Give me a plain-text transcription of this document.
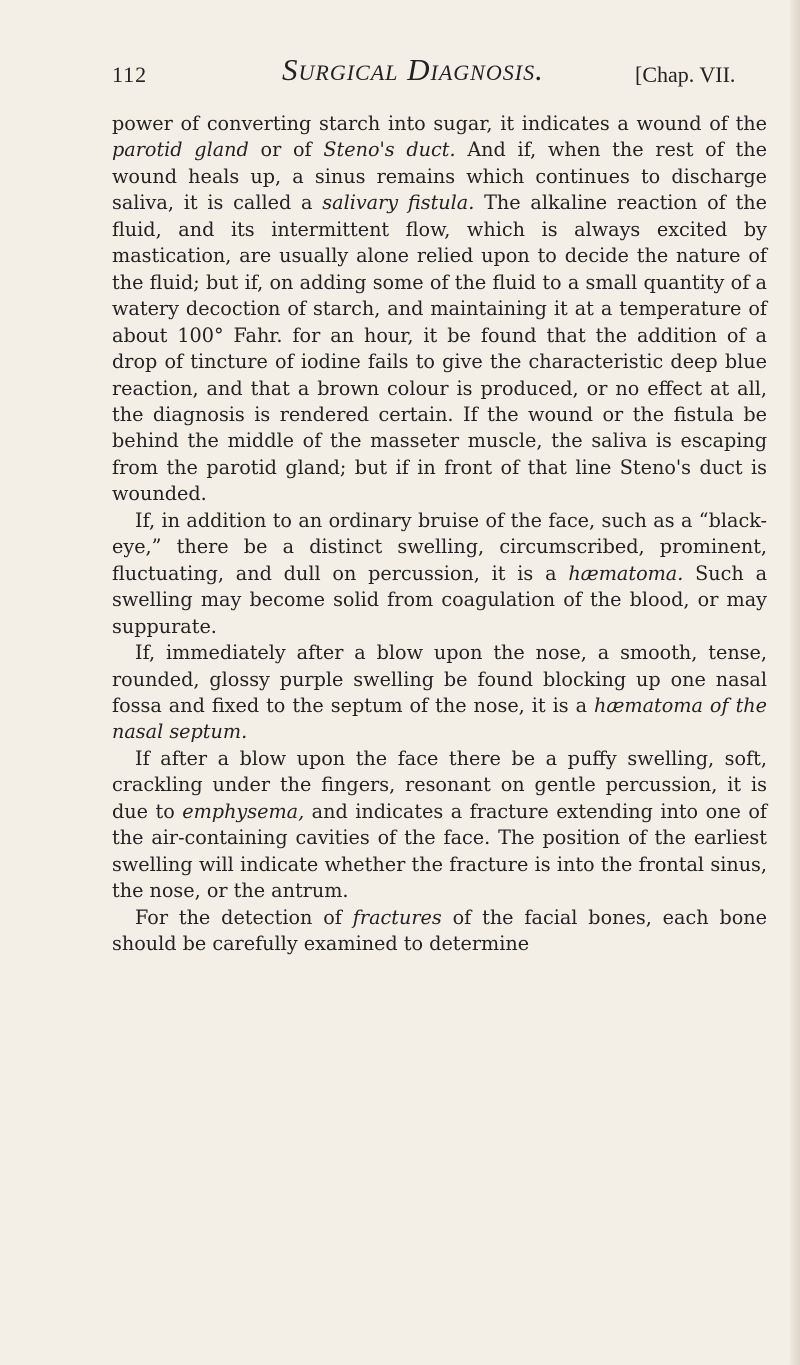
112	Surgical Diagnosis.	[Chap. VII.

power of converting starch into sugar, it indicates a wound of the parotid gland or of Steno's duct. And if, when the rest of the wound heals up, a sinus remains which continues to discharge saliva, it is called a salivary fistula. The alkaline reaction of the fluid, and its intermittent flow, which is always excited by mastication, are usually alone relied upon to decide the nature of the fluid; but if, on adding some of the fluid to a small quantity of a watery decoction of starch, and maintaining it at a temperature of about 100° Fahr. for an hour, it be found that the addition of a drop of tincture of iodine fails to give the characteristic deep blue reaction, and that a brown colour is produced, or no effect at all, the diagnosis is rendered certain. If the wound or the fistula be behind the middle of the masseter muscle, the saliva is escaping from the parotid gland; but if in front of that line Steno's duct is wounded.

If, in addition to an ordinary bruise of the face, such as a “black-eye,” there be a distinct swelling, circumscribed, prominent, fluctuating, and dull on percussion, it is a hæmatoma. Such a swelling may become solid from coagulation of the blood, or may suppurate.

If, immediately after a blow upon the nose, a smooth, tense, rounded, glossy purple swelling be found blocking up one nasal fossa and fixed to the septum of the nose, it is a hæmatoma of the nasal septum.

If after a blow upon the face there be a puffy swelling, soft, crackling under the fingers, resonant on gentle percussion, it is due to emphysema, and indicates a fracture extending into one of the air-containing cavities of the face. The position of the earliest swelling will indicate whether the fracture is into the frontal sinus, the nose, or the antrum.

For the detection of fractures of the facial bones, each bone should be carefully examined to determine
